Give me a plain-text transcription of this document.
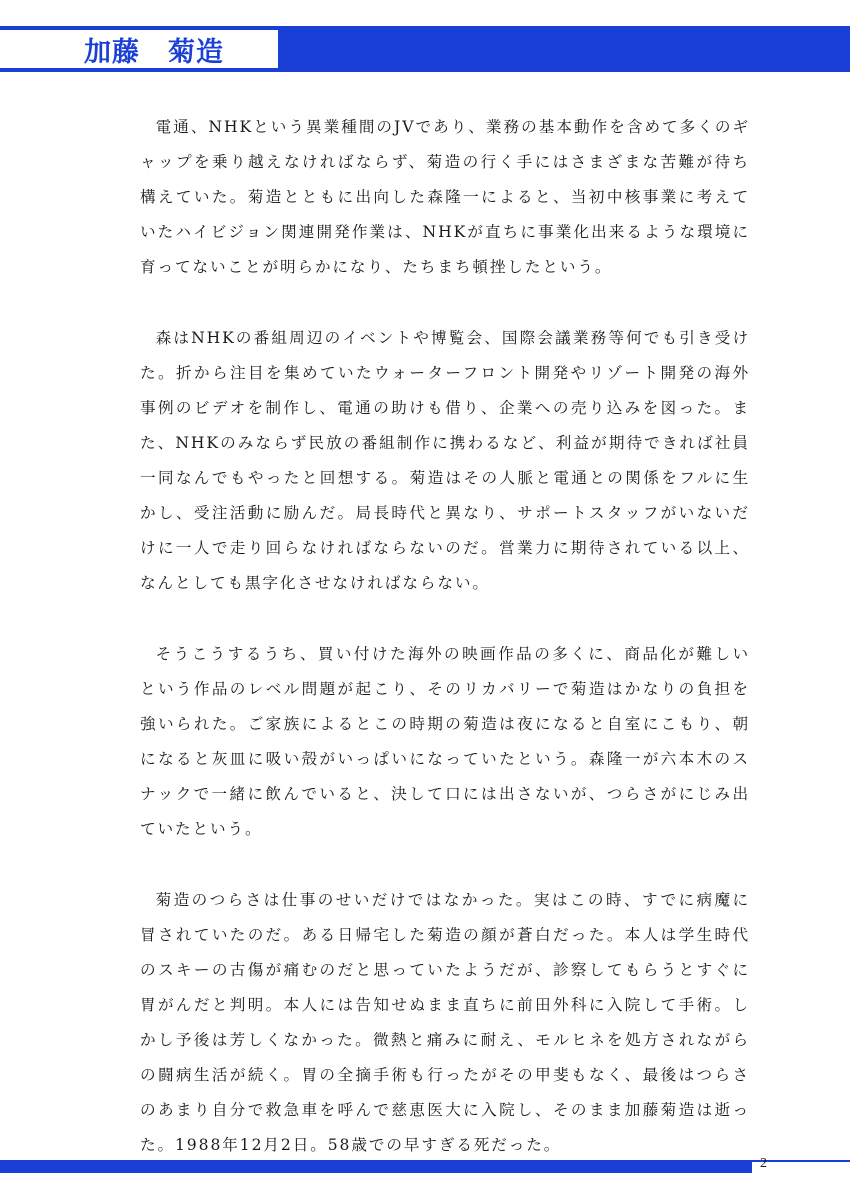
加藤　菊造

電通、NHKという異業種間のJVであり、業務の基本動作を含めて多くのギャップを乗り越えなければならず、菊造の行く手にはさまざまな苦難が待ち構えていた。菊造とともに出向した森隆一によると、当初中核事業に考えていたハイビジョン関連開発作業は、NHKが直ちに事業化出来るような環境に育ってないことが明らかになり、たちまち頓挫したという。

森はNHKの番組周辺のイベントや博覧会、国際会議業務等何でも引き受けた。折から注目を集めていたウォーターフロント開発やリゾート開発の海外事例のビデオを制作し、電通の助けも借り、企業への売り込みを図った。また、NHKのみならず民放の番組制作に携わるなど、利益が期待できれば社員一同なんでもやったと回想する。菊造はその人脈と電通との関係をフルに生かし、受注活動に励んだ。局長時代と異なり、サポートスタッフがいないだけに一人で走り回らなければならないのだ。営業力に期待されている以上、なんとしても黒字化させなければならない。

そうこうするうち、買い付けた海外の映画作品の多くに、商品化が難しいという作品のレベル問題が起こり、そのリカバリーで菊造はかなりの負担を強いられた。ご家族によるとこの時期の菊造は夜になると自室にこもり、朝になると灰皿に吸い殻がいっぱいになっていたという。森隆一が六本木のスナックで一緒に飲んでいると、決して口には出さないが、つらさがにじみ出ていたという。

菊造のつらさは仕事のせいだけではなかった。実はこの時、すでに病魔に冒されていたのだ。ある日帰宅した菊造の顔が蒼白だった。本人は学生時代のスキーの古傷が痛むのだと思っていたようだが、診察してもらうとすぐに胃がんだと判明。本人には告知せぬまま直ちに前田外科に入院して手術。しかし予後は芳しくなかった。微熱と痛みに耐え、モルヒネを処方されながらの闘病生活が続く。胃の全摘手術も行ったがその甲斐もなく、最後はつらさのあまり自分で救急車を呼んで慈恵医大に入院し、そのまま加藤菊造は逝った。1988年12月2日。58歳での早すぎる死だった。

2
